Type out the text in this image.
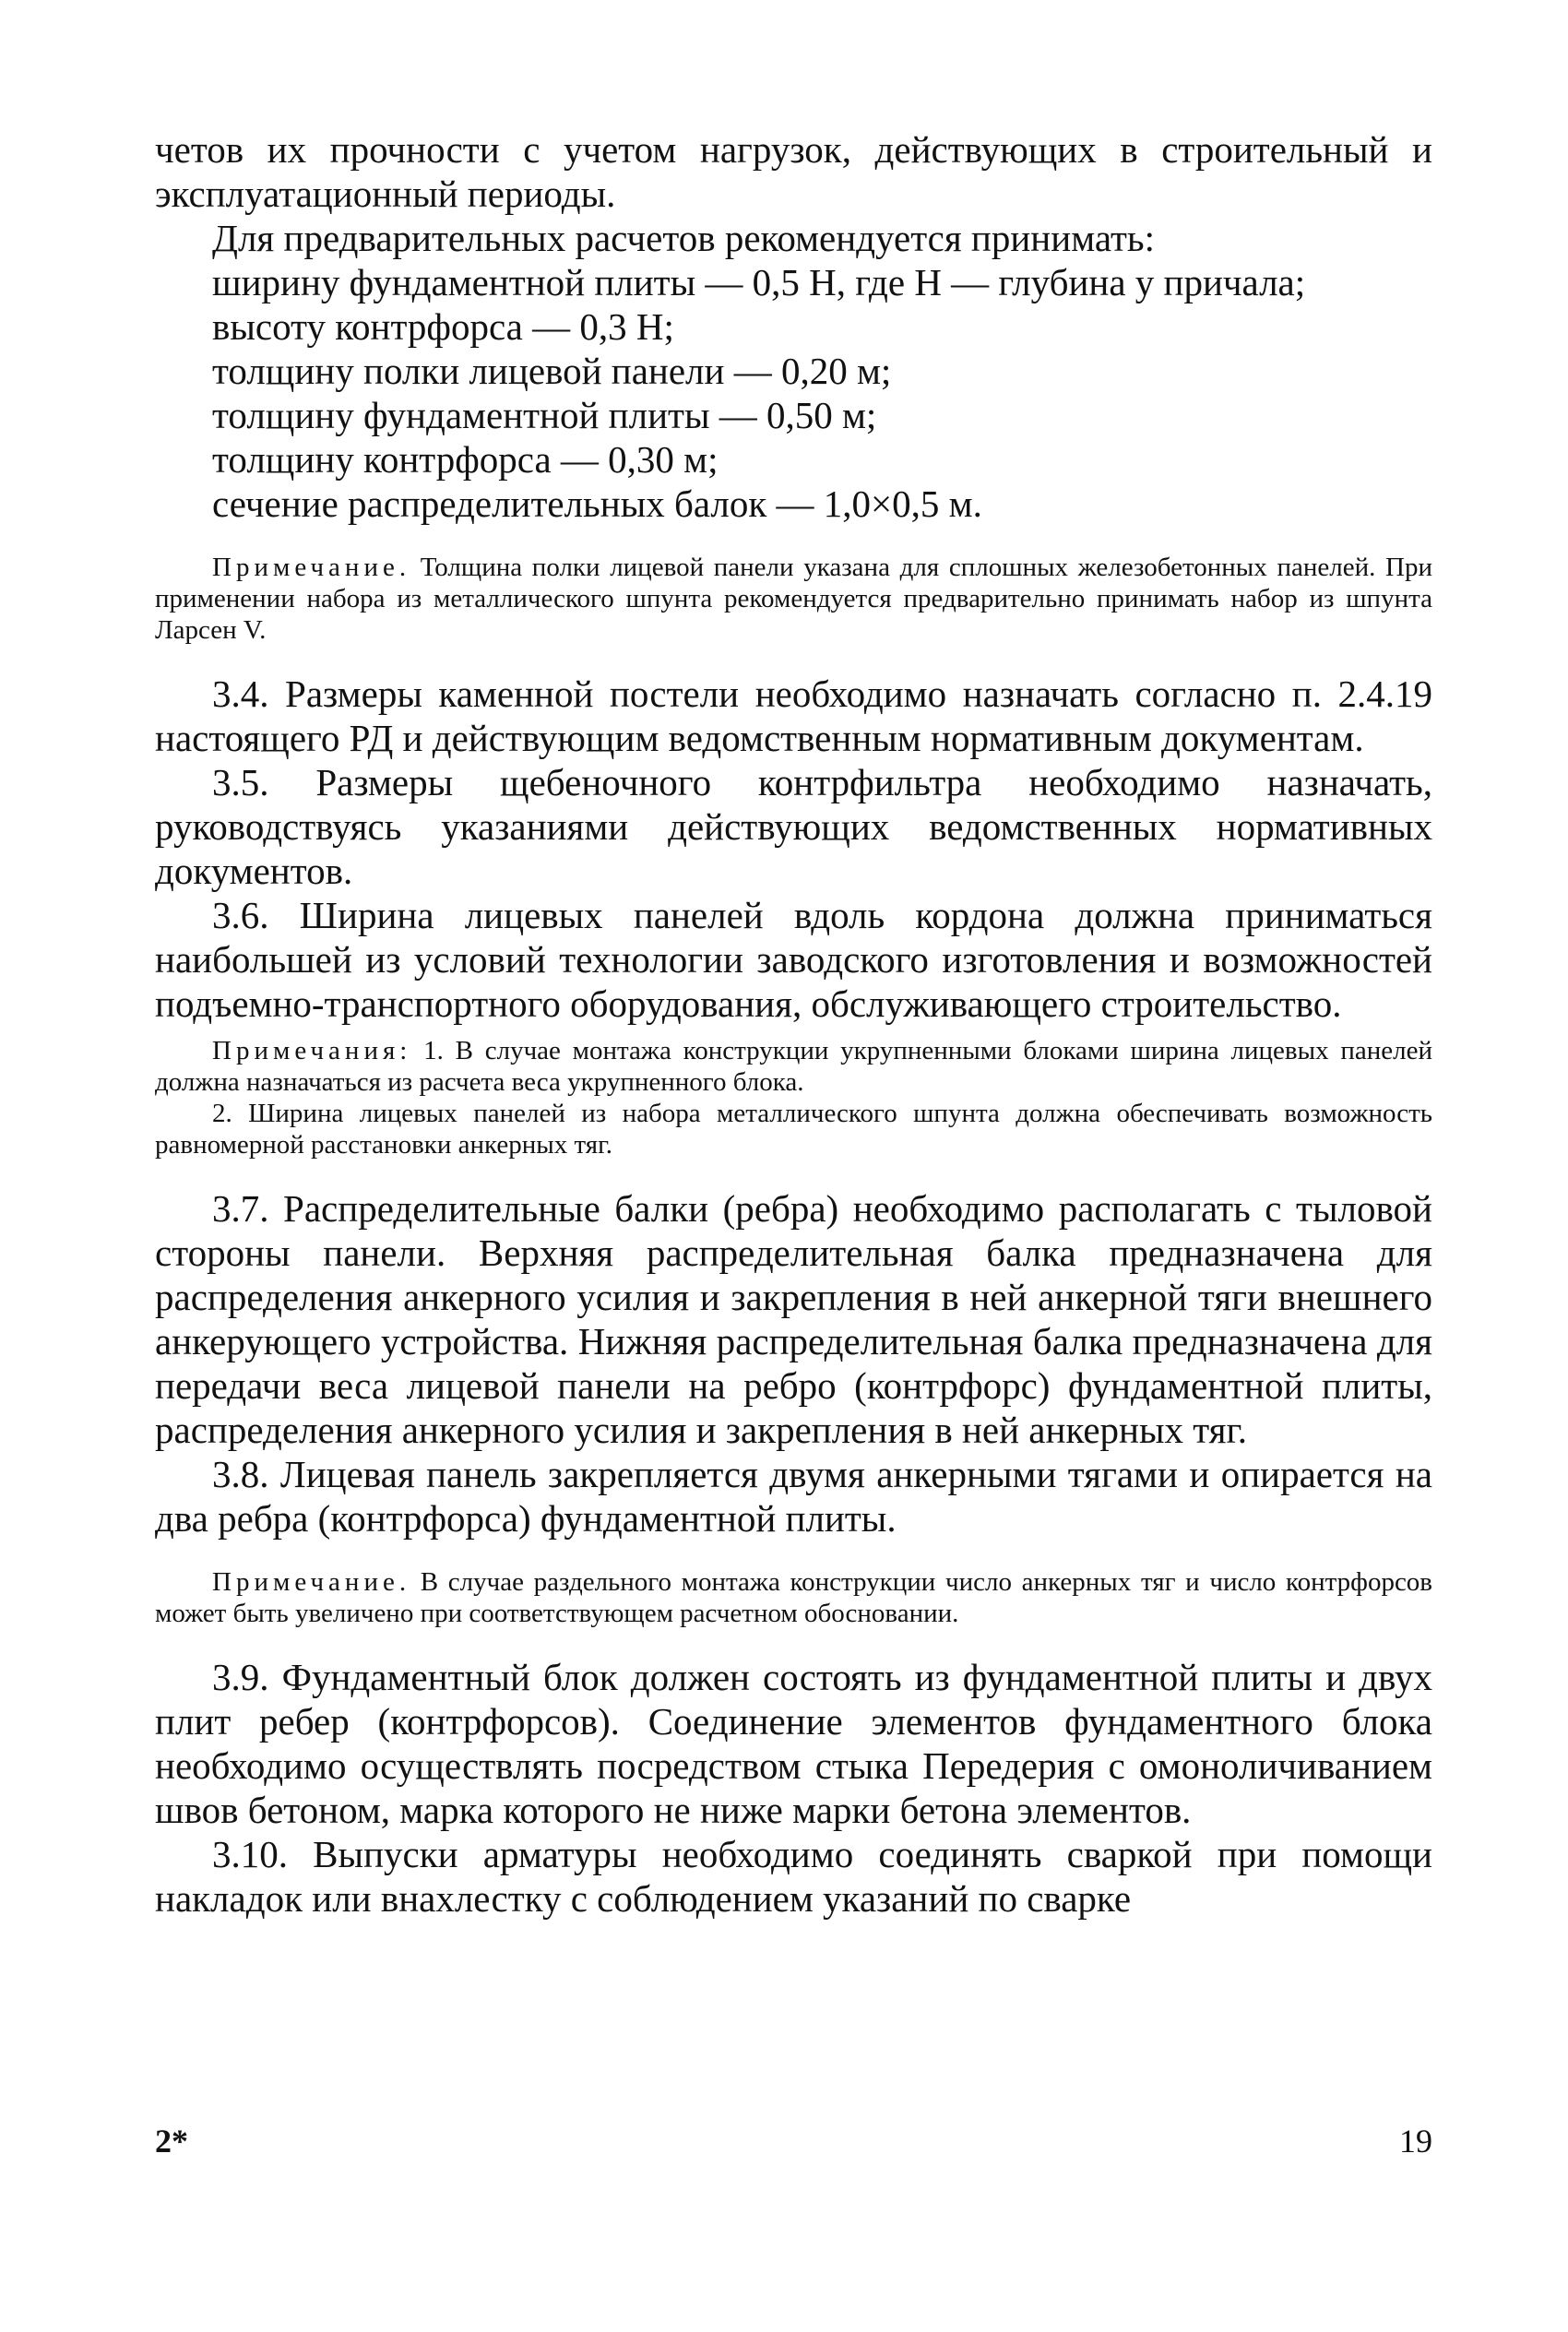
четов их прочности с учетом нагрузок, действующих в строительный и эксплуатационный периоды.

Для предварительных расчетов рекомендуется принимать:

ширину фундаментной плиты — 0,5 H, где H — глубина у причала;

высоту контрфорса — 0,3 H;

толщину полки лицевой панели — 0,20 м;

толщину фундаментной плиты — 0,50 м;

толщину контрфорса — 0,30 м;

сечение распределительных балок — 1,0×0,5 м.

Примечание. Толщина полки лицевой панели указана для сплошных железобетонных панелей. При применении набора из металлического шпунта рекомендуется предварительно принимать набор из шпунта Ларсен V.

3.4. Размеры каменной постели необходимо назначать согласно п. 2.4.19 настоящего РД и действующим ведомственным нормативным документам.

3.5. Размеры щебеночного контрфильтра необходимо назначать, руководствуясь указаниями действующих ведомственных нормативных документов.

3.6. Ширина лицевых панелей вдоль кордона должна приниматься наибольшей из условий технологии заводского изготовления и возможностей подъемно-транспортного оборудования, обслуживающего строительство.

Примечания: 1. В случае монтажа конструкции укрупненными блоками ширина лицевых панелей должна назначаться из расчета веса укрупненного блока.

2. Ширина лицевых панелей из набора металлического шпунта должна обеспечивать возможность равномерной расстановки анкерных тяг.

3.7. Распределительные балки (ребра) необходимо располагать с тыловой стороны панели. Верхняя распределительная балка предназначена для распределения анкерного усилия и закрепления в ней анкерной тяги внешнего анкерующего устройства. Нижняя распределительная балка предназначена для передачи веса лицевой панели на ребро (контрфорс) фундаментной плиты, распределения анкерного усилия и закрепления в ней анкерных тяг.

3.8. Лицевая панель закрепляется двумя анкерными тягами и опирается на два ребра (контрфорса) фундаментной плиты.

Примечание. В случае раздельного монтажа конструкции число анкерных тяг и число контрфорсов может быть увеличено при соответствующем расчетном обосновании.

3.9. Фундаментный блок должен состоять из фундаментной плиты и двух плит ребер (контрфорсов). Соединение элементов фундаментного блока необходимо осуществлять посредством стыка Передерия с омоноличиванием швов бетоном, марка которого не ниже марки бетона элементов.

3.10. Выпуски арматуры необходимо соединять сваркой при помощи накладок или внахлестку с соблюдением указаний по сварке

2*	19
